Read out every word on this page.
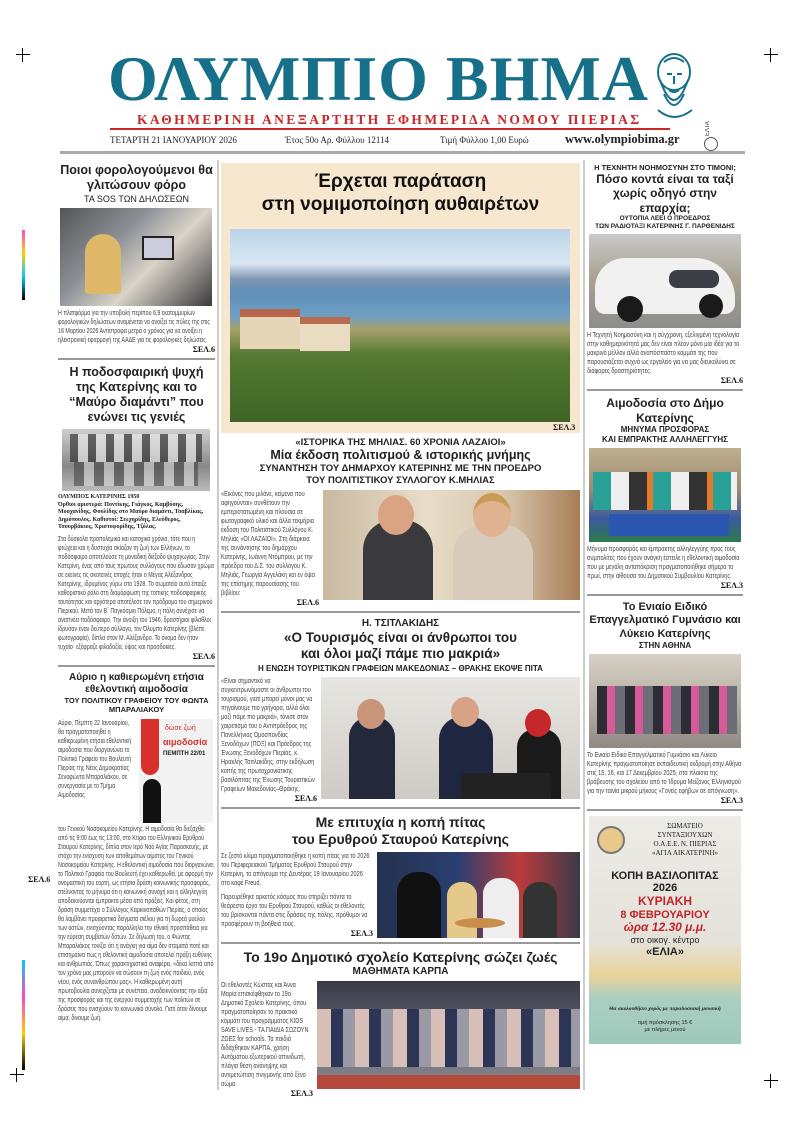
ΟΛΥΜΠΙΟ ΒΗΜΑ
ΕΛΤΑ
ΚΑΘΗΜΕΡΙΝΗ ΑΝΕΞΑΡΤΗΤΗ ΕΦΗΜΕΡΙΔΑ ΝΟΜΟΥ ΠΙΕΡΙΑΣ
ΤΕΤΑΡΤΗ 21 ΙΑΝΟΥΑΡΙΟΥ 2026	Έτος 50ο Αρ. Φύλλου 12114	Τιμή Φύλλου 1,00 Ευρώ	www.olympiobima.gr
Ποιοι φορολογούμενοι θα γλιτώσουν φόρο
ΤΑ SOS ΤΩΝ ΔΗΛΩΣΕΩΝ
Η πλατφόρμα για την υποβολή περίπου 6,9 εκατομμυρίων φορολογικών δηλώσεων αναμένεται να ανοίξει τις πύλες της στις 16 Μαρτίου 2026 Αντίστροφα μετρά ο χρόνος για να ανοίξει η ηλεκτρονική εφαρμογή της ΑΑΔΕ για τις φορολογικές δηλώσεις.
ΣΕΛ.6
Η ποδοσφαιρική ψυχή της Κατερίνης και το “Μαύρο διαμάντι” που ενώνει τις γενιές
ΟΛΥΜΠΟΣ ΚΑΤΕΡΙΝΗΣ 1950
Όρθιοι αριστερά: Ποντίκης, Γιάγκος, Καμβύσης, Μοσχανίδης, Φουλίδης στο Μαύρο διαμάντι, Τσαβλίκας, Δημόπουλος. Καθιστοί: Στεχηρίδης, Ελεύθερος, Τσουρβάκιος, Χριστοφορίδης, Τζόλας.
Στα δύσκολα προπολεμικά και κατοχικά χρόνια, τότε που η φτώχεια και η δυστυχία σκίαζαν τη ζωή των Ελλήνων, το ποδόσφαιρο αποτελούσε τη μοναδική διέξοδο ψυχαγωγίας. Στην Κατερίνη, ένας από τους πρώτους συλλόγους που έδωσαν χρώμα σε εκείνες τις σκοτεινές εποχές ήταν ο Μέγας Αλέξανδρος Κατερίνης, ιδρυμένος γύρω στο 1928. Το σωματείο αυτό έπαιξε καθοριστικό ρόλο στη διαμόρφωση της τοπικής ποδοσφαιρικής ταυτότητας και αργότερα αποτέλεσε τον πρόδρομο του σημερινού Πιερικού. Μετά τον Β΄ Παγκόσμιο Πόλεμο, η πόλη συνέχισε να αναπνέει ποδόσφαιρο. Την άνοιξη του 1946, δραστήριοι φίλαθλοι ίδρυσαν έναν δεύτερο σύλλογο, τον Όλυμπο Κατερίνης (βλέπε φωτογραφία), δίπλα στον Μ. Αλέξανδρο. Το όνομα δεν ήταν τυχαίο· εξέφραζε φιλοδοξία, ύψος και προσδοκίες.
ΣΕΛ.6
Αύριο η καθιερωμένη ετήσια εθελοντική αιμοδοσία
ΤΟΥ ΠΟΛΙΤΙΚΟΥ ΓΡΑΦΕΙΟΥ ΤΟΥ ΦΩΝΤΑ ΜΠΑΡΑΛΙΑΚΟΥ
Αύριο, Πέμπτη 22 Ιανουαρίου, θα πραγματοποιηθεί η καθιερωμένη ετήσια εθελοντική αιμοδοσία που διοργανώνει το Πολιτικό Γραφείο του Βουλευτή Πιερίας της Νέας Δημοκρατίας Σενοφώντα Μπαραλιάκου, σε συνεργασία με το Τμήμα Αιμοδοσίας
δώσε ζωή
αιμοδοσία
ΠΕΜΠΤΗ 22/01
του Γενικού Νοσοκομείου Κατερίνης. Η αιμοδοσία θα διεξαχθεί από τις 9:00 έως τις 13:00, στο Κτίριο του Ελληνικού Ερυθρού Σταυρού Κατερίνης, δίπλα στον Ιερό Ναό Αγίας Παρασκευής, με στόχο την ενίσχυση των αποθεμάτων αίματος του Γενικού Νοσοκομείου Κατερίνης. Η εθελοντική αιμοδοσία που διοργανώνει το Πολιτικό Γραφείο του Βουλευτή έχει καθιερωθεί, με αφορμή την ονομαστική του εορτή, ως ετήσια δράση κοινωνικής προσφοράς, στέλνοντας το μήνυμα ότι η κοινωνική συνοχή και η αλληλεγγύη αποδεικνύονται έμπρακτα μέσα από πράξεις. Και φέτος, στη δράση συμμετέχει ο Σύλλογος Καρκινοπαθών Πιερίας, ο οποίος θα λαμβάνει προαιρετικά δείγματα σιέλου για τη δωρεά μυελού των οστών, ενισχύοντας παράλληλα την εθνική προσπάθεια για την εύρεση συμβατών δοτών. Σε δήλωσή του, ο Φώντας Μπαραλιάκος τονίζει ότι η ανάγκη για αίμα δεν σταματά ποτέ και επισημαίνει πως η εθελοντική αιμοδοσία αποτελεί πράξη ευθύνης και ανθρωπιάς. Όπως χαρακτηριστικά αναφέρει, «δέκα λεπτά από τον χρόνο μας μπορούν να σώσουν τη ζωή ενός παιδιού, ενός νέου, ενός συνανθρώπου μας». Η καθιερωμένη αυτή πρωτοβουλία συνεχίζεται με συνέπεια, αναδεικνύοντας την αξία της προσφοράς και της ενεργού συμμετοχής των πολιτών σε δράσεις που ενισχύουν το κοινωνικό σύνολο. Γιατί όταν δίνουμε αίμα, δίνουμε ζωή.
ΣΕΛ.6
Έρχεται παράταση
στη νομιμοποίηση αυθαιρέτων
ΣΕΛ.3
«ΙΣΤΟΡΙΚΑ ΤΗΣ ΜΗΛΙΑΣ. 60 ΧΡΟΝΙΑ ΛΑΖΑΙΟΙ»
Μία έκδοση πολιτισμού & ιστορικής μνήμης
ΣΥΝΑΝΤΗΣΗ ΤΟΥ ΔΗΜΑΡΧΟΥ ΚΑΤΕΡΙΝΗΣ ΜΕ ΤΗΝ ΠΡΟΕΔΡΟ
ΤΟΥ ΠΟΛΙΤΙΣΤΙΚΟΥ ΣΥΛΛΟΓΟΥ Κ.ΜΗΛΙΑΣ
«Εικόνες που μιλάνε, κείμενα που αφηγούνται» συνθέτουν την εμπεριστατωμένη και πλούσια σε φωτογραφικό υλικό και άλλα τεκμήρια έκδοση του Πολιτιστικού Συλλόγου Κ. Μηλιάς «ΟΙ ΛΑΖΑΙΟΙ». Στη διάρκεια της συνάντησης του δημάρχου Κατερίνης, Ιωάννη Ντόμπρου, με την πρόεδρο του Δ.Σ. του συλλόγου Κ. Μηλιάς, Γεωργία Αγγελάκη και εν όψει της επίσημης παρουσίασης του βιβλίου:
ΣΕΛ.6
Η. ΤΣΙΤΛΑΚΙΔΗΣ
«Ο Τουρισμός είναι οι άνθρωποι του
και όλοι μαζί πάμε πιο μακριά»
Η ΕΝΩΣΗ ΤΟΥΡΙΣΤΙΚΩΝ ΓΡΑΦΕΙΩΝ ΜΑΚΕΔΟΝΙΑΣ – ΘΡΑΚΗΣ ΕΚΟΨΕ ΠΙΤΑ
«Είναι σημαντικό να συγκεντρωνόμαστε οι άνθρωποι του τουρισμού, γιατί μπορεί μόνοι μας να πηγαίνουμε πιο γρήγορα, αλλά όλοι μαζί πάμε πιο μακριά», τόνισε στον χαιρετισμό του ο Αντιπρόεδρος της Πανελλήνιας Ομοσπονδίας Ξενοδόχων (ΠΟΞ) και Πρόεδρος της Ένωσης Ξενοδόχων Πιερίας, κ. Ηρακλής Τσιτλακίδης, στην εκδήλωση κοπής της πρωτοχρονιάτικης βασιλόπιτας της Ένωσης Τουριστικών Γραφείων Μακεδονίας–Θράκης.
ΣΕΛ.6
Με επιτυχία η κοπή πίτας
του Ερυθρού Σταυρού Κατερίνης
Σε ζεστό κλίμα πραγματοποιήθηκε η κοπή πίτας για το 2026 του Περιφερειακού Τμήματος Ερυθρού Σταυρού στην Κατερίνη, το απόγευμα της Δευτέρας 19 Ιανουαρίου 2026 στο καφέ Freud.
Παρευρέθηκε αρκετός κόσμος που στηρίζει πάντα το θεάρεστο έργο του Ερυθρού Σταυρού, καθώς οι εθελοντές του βρίσκονται πάντα στις δράσεις της πόλης, πρόθυμοι να προσφέρουν τη βοήθειά τους.
ΣΕΛ.3
Το 19ο Δημοτικό σχολείο Κατερίνης σώζει ζωές
ΜΑΘΗΜΑΤΑ ΚΑΡΠΑ
Οι εθελοντές Κώστας και Άννα Μαρία επισκέφθηκαν το 19ο Δημοτικό Σχολείο Κατερίνης, όπου πραγματοποίησαν το πρακτικό κομμάτι του προγράμματος KIDS SAVE LIVES - ΤΑ ΠΑΙΔΙΑ ΣΩΖΟΥΝ ΖΩΕΣ for schools. Τα παιδιά διδάχθηκαν ΚΑΡΠΑ, χρήση Αυτόματου εξωτερικού απινιδωτή, πλάγια θέση ανάνηψης και αντιμετώπιση πνιγμονής από ξένο σώμα.
ΣΕΛ.3
Η ΤΕΧΝΗΤΗ ΝΟΗΜΟΣΥΝΗ ΣΤΟ ΤΙΜΟΝΙ;
Πόσο κοντά είναι τα ταξί χωρίς οδηγό στην επαρχία;
ΟΥΤΟΠΙΑ ΛΕΕΙ Ο ΠΡΟΕΔΡΟΣ
ΤΩΝ ΡΑΔΙΟΤΑΞΙ ΚΑΤΕΡΙΝΗΣ Γ. ΠΑΡΘΕΝΙΔΗΣ
Η Τεχνητή Νοημοσύνη και η σύγχρονη, εξελιγμένη τεχνολογία στην καθημερινότητά μας δεν είναι πλέον μόνο μία ιδέα για το μακρινό μέλλον αλλά αναπόσπαστο κομμάτι της που παρουσιάζεται συχνά ως εργαλείο για να μας διευκολύνει σε διάφορες δραστηριότητες.
ΣΕΛ.6
Αιμοδοσία στο Δήμο Κατερίνης
ΜΗΝΥΜΑ ΠΡΟΣΦΟΡΑΣ
ΚΑΙ ΕΜΠΡΑΚΤΗΣ ΑΛΛΗΛΕΓΓΥΗΣ
Μήνυμα προσφοράς και έμπρακτης αλληλεγγύης προς τους συμπολίτες που έχουν ανάγκη έστειλε η εθελοντική αιμοδοσία που με μεγάλη ανταπόκριση πραγματοποιήθηκε σήμερα το πρωί, στην αίθουσα του Δημοτικού Συμβουλίου Κατερίνης.
ΣΕΛ.3
Το Ενιαίο Ειδικό Επαγγελματικό Γυμνάσιο και Λύκειο Κατερίνης
ΣΤΗΝ ΑΘΗΝΑ
Το Ενιαίο Ειδικό Επαγγελματικό Γυμνάσιο και Λύκειο Κατερίνης πραγματοποίησε εκπαιδευτική εκδρομή στην Αθήνα στις 15, 16, και 17 Δεκεμβρίου 2025, στα πλαίσια της βράβευσης του σχολείου από το Ίδρυμα Μείζονος Ελληνισμού για την ταινία μικρού μήκους «Γονείς εφήβων σε απόγνωση».
ΣΕΛ.3
ΣΩΜΑΤΕΙΟ
ΣΥΝΤΑΞΙΟΥΧΩΝ
Ο.Α.Ε.Ε. Ν. ΠΙΕΡΙΑΣ
«ΑΓΙΑ ΑΙΚΑΤΕΡΙΝΗ»
ΚΟΠΗ ΒΑΣΙΛΟΠΙΤΑΣ
2026
ΚΥΡΙΑΚΗ
8 ΦΕΒΡΟΥΑΡΙΟΥ
ώρα 12.30 μ.μ.
στο οικογ. κέντρο
«ΕΛΙΑ»
Θα ακολουθήσει χορός με παραδοσιακή μουσική
τιμή πρόσκλησης 15 €
με πλήρες μενού
